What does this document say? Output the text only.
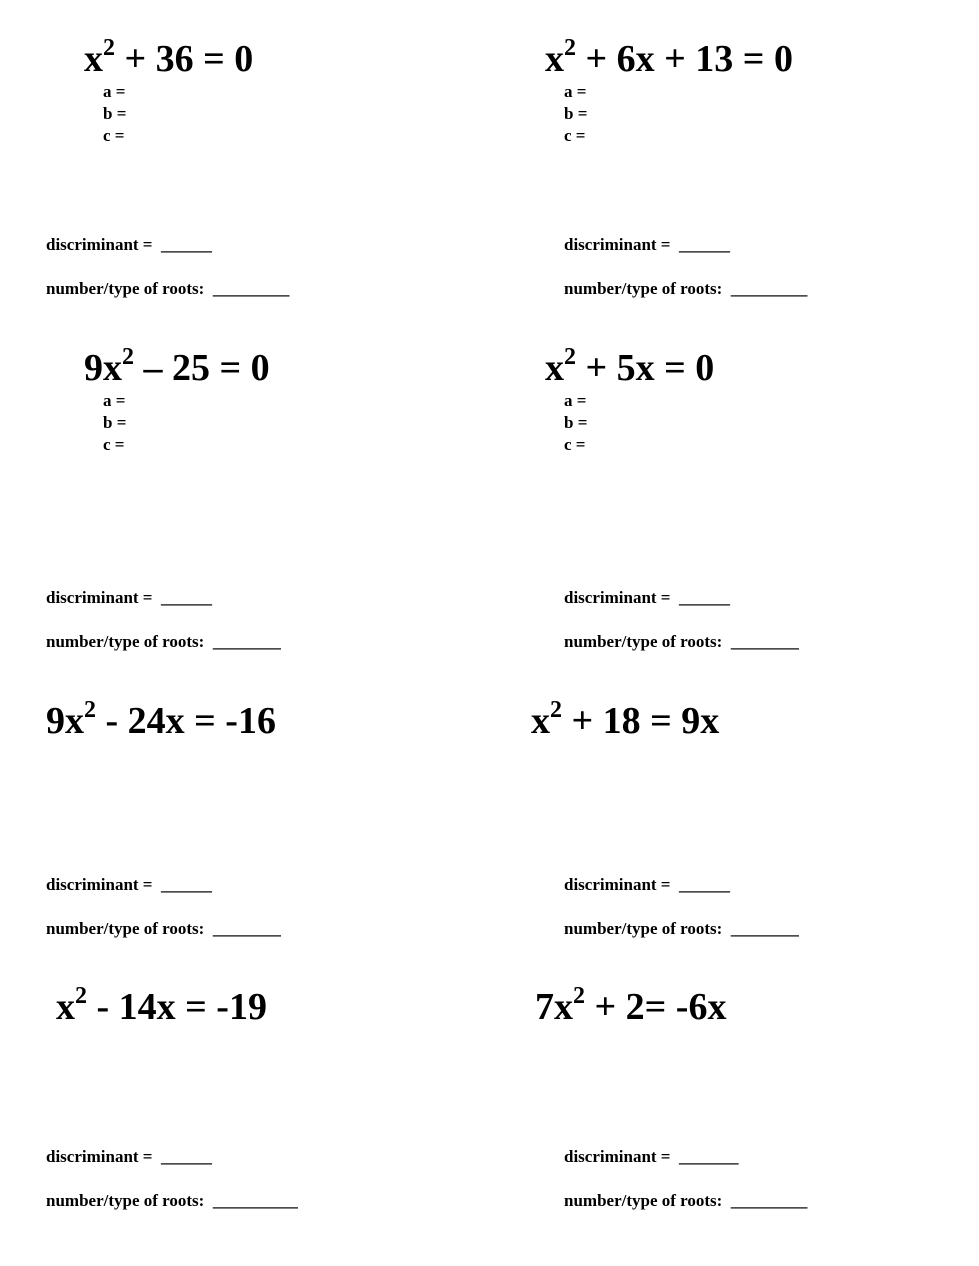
$x^2 + 36 = 0$
a =
b =
c =
discriminant = ______
number/type of roots: _________
$x^2 + 6x + 13 = 0$
a =
b =
c =
discriminant = ______
number/type of roots: _________
$9x^2 - 25 = 0$
a =
b =
c =
discriminant = ______
number/type of roots: ________
$x^2 + 5x = 0$
a =
b =
c =
discriminant = ______
number/type of roots: ________
$9x^2 - 24x = -16$
discriminant = ______
number/type of roots: ________
$x^2 + 18 = 9x$
discriminant = ______
number/type of roots: ________
$x^2 - 14x = -19$
discriminant = ______
number/type of roots: __________
$7x^2 + 2= -6x$
discriminant = _______
number/type of roots: _________
